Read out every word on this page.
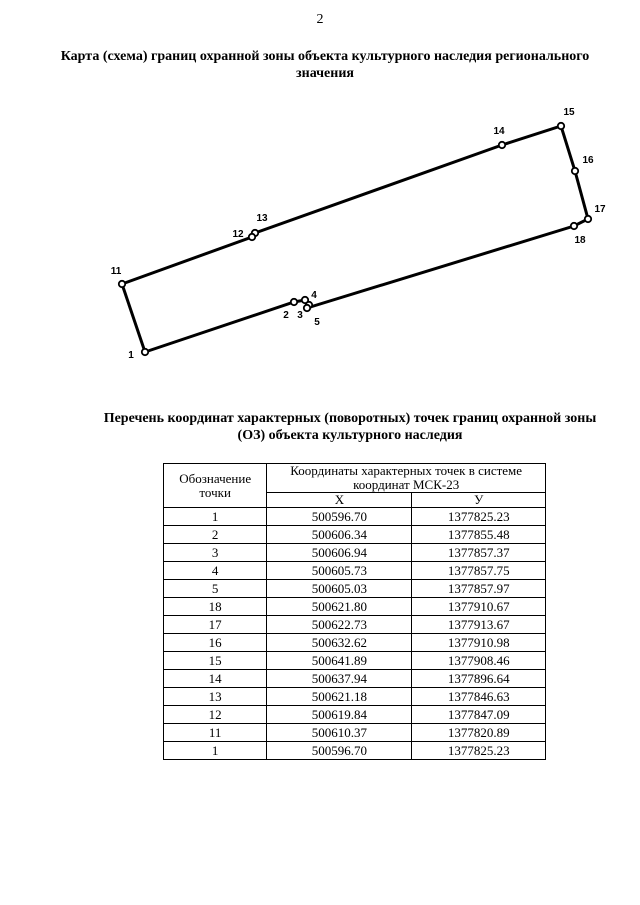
2
Карта (схема) границ охранной зоны объекта культурного наследия регионального значения
1
2 3
4
5
18
17
16
15
14
13
12
11
Перечень координат характерных (поворотных) точек границ охранной зоны (ОЗ) объекта культурного наследия
Обозначение точки	Координаты характерных точек в системе координат МСК-23	
	Х	У
1	500596.70	1377825.23
2	500606.34	1377855.48
3	500606.94	1377857.37
4	500605.73	1377857.75
5	500605.03	1377857.97
18	500621.80	1377910.67
17	500622.73	1377913.67
16	500632.62	1377910.98
15	500641.89	1377908.46
14	500637.94	1377896.64
13	500621.18	1377846.63
12	500619.84	1377847.09
11	500610.37	1377820.89
1	500596.70	1377825.23
